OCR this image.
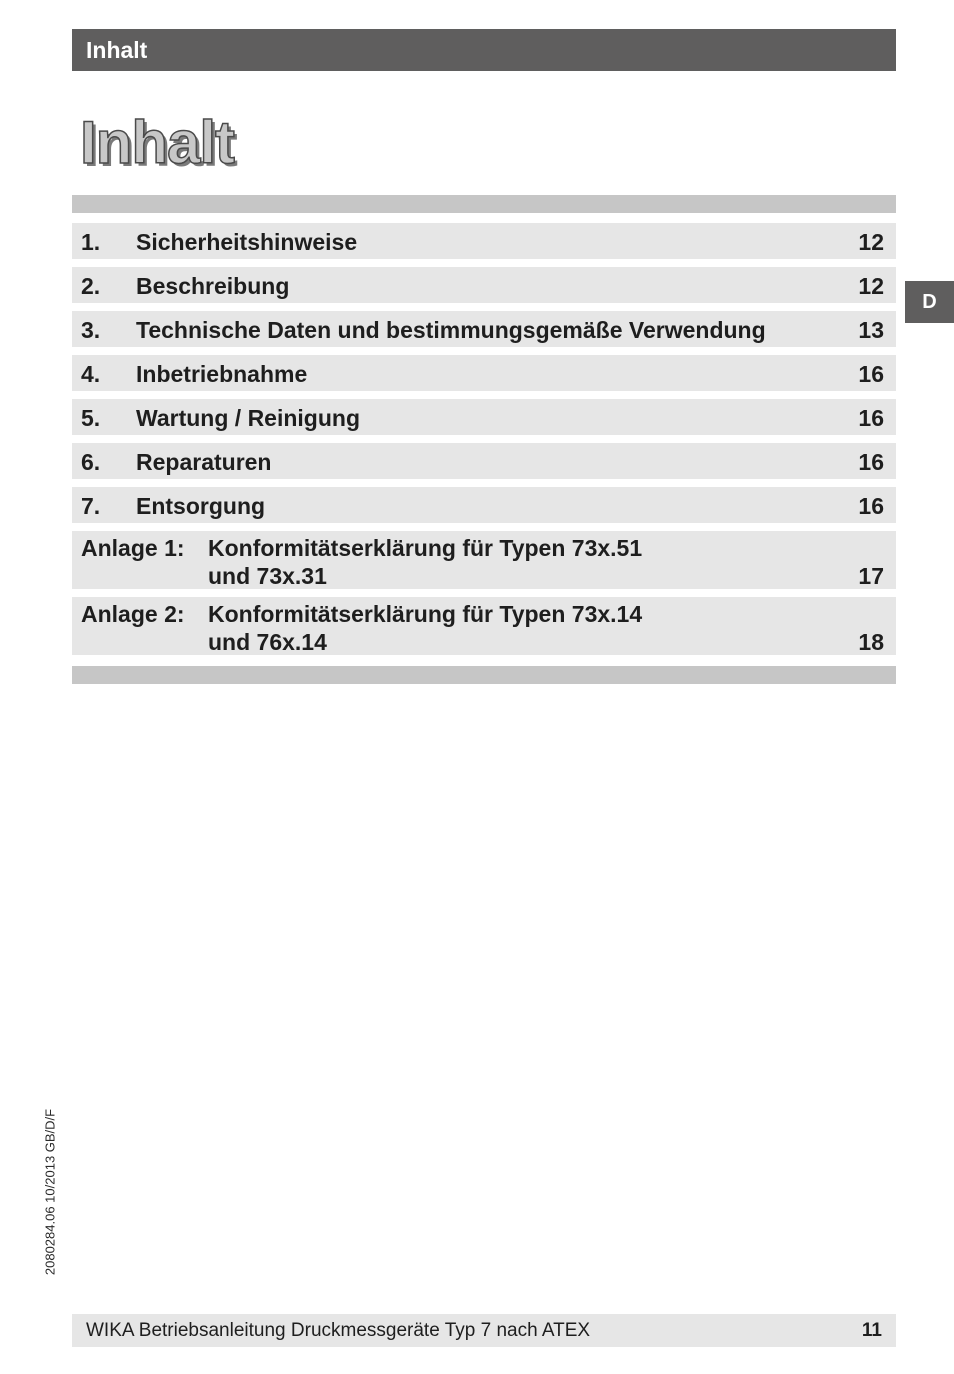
Inhalt
Inhalt
1. Sicherheitshinweise	12
2. Beschreibung	12
3. Technische Daten und bestimmungsgemäße Verwendung	13
4. Inbetriebnahme	16
5. Wartung / Reinigung	16
6. Reparaturen	16
7. Entsorgung	16
Anlage 1: Konformitätserklärung für Typen 73x.51
und 73x.31	17
Anlage 2: Konformitätserklärung für Typen 73x.14
und 76x.14	18
D
2080284.06 10/2013 GB/D/F
WIKA Betriebsanleitung Druckmessgeräte Typ 7 nach ATEX	11
